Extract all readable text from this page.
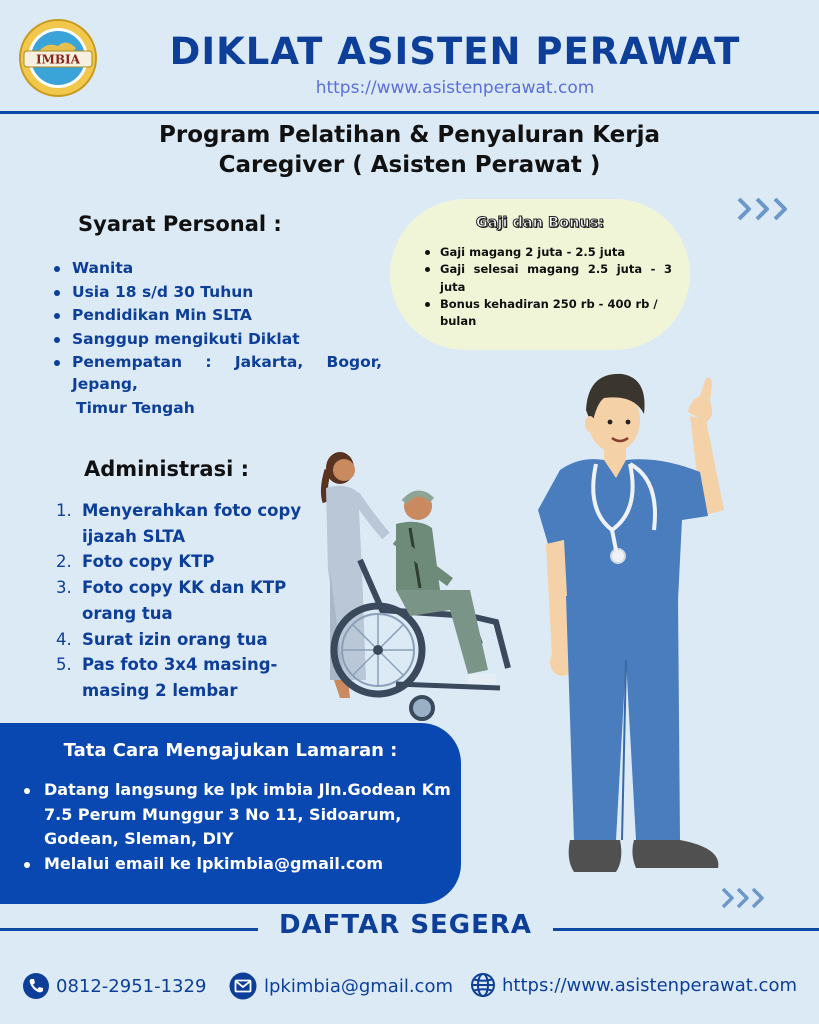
IMBIA	DIKLAT ASISTEN PERAWAT
https://www.asistenperawat.com
Program Pelatihan & Penyaluran Kerja
Caregiver ( Asisten Perawat )
Syarat Personal :
Wanita
Usia 18 s/d 30 Tuhun
Pendidikan Min SLTA
Sanggup mengikuti Diklat
Penempatan : Jakarta, Bogor,
Jepang,
Timur Tengah
Gaji dan Bonus:
Gaji magang 2 juta - 2.5 juta
Gaji selesai magang 2.5 juta - 3 juta
Bonus kehadiran 250 rb - 400 rb / bulan
Administrasi :
1. Menyerahkan foto copy ijazah SLTA
2. Foto copy KTP
3. Foto copy KK dan KTP orang tua
4. Surat izin orang tua
5. Pas foto 3x4 masing-masing 2 lembar
Tata Cara Mengajukan Lamaran :
Datang langsung ke lpk imbia Jln.Godean Km 7.5 Perum Munggur 3 No 11, Sidoarum, Godean, Sleman, DIY
Melalui email ke lpkimbia@gmail.com
DAFTAR SEGERA
0812-2951-1329	lpkimbia@gmail.com	https://www.asistenperawat.com
